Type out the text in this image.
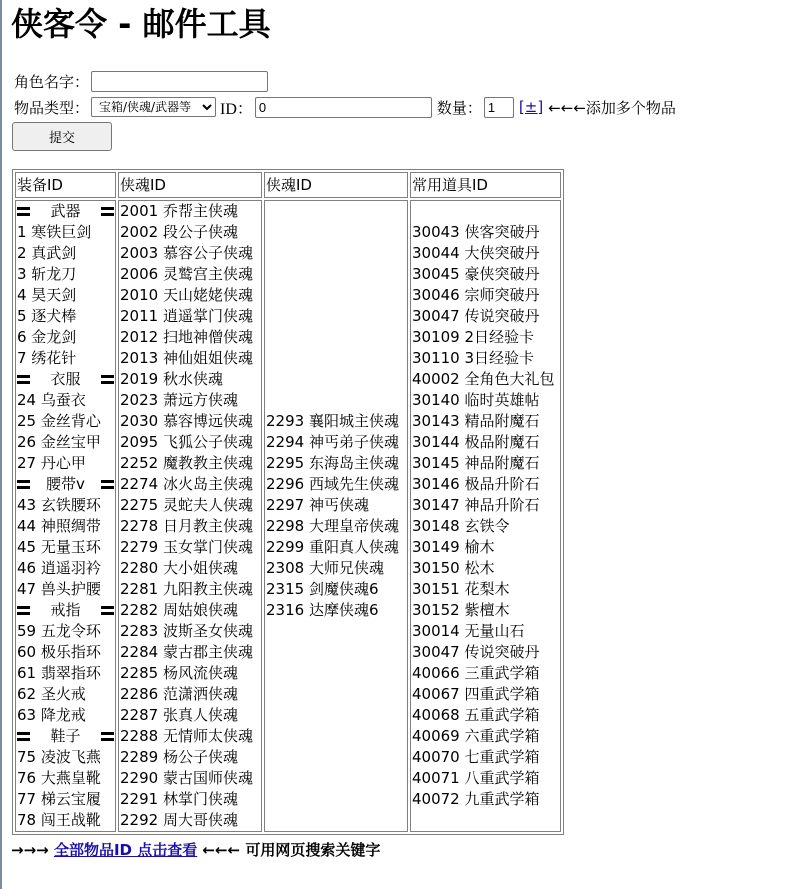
侠客令 - 邮件工具
角色名字：
物品类型：
宝箱/侠魂/武器等	ID：
0	数量：
1 [±] ←←←添加多个物品
提交
装备ID	侠魂ID	侠魂ID	常用道具ID

武器
1 寒铁巨剑
2 真武剑
3 斩龙刀
4 昊天剑
5 逐犬棒
6 金龙剑
7 绣花针
衣服
24 乌蚕衣
25 金丝背心
26 金丝宝甲
27 丹心甲
腰带v
43 玄铁腰环
44 神照绸带
45 无量玉环
46 逍遥羽衿
47 兽头护腰
戒指
59 五龙令环
60 极乐指环
61 翡翠指环
62 圣火戒
63 降龙戒
鞋子
75 凌波飞燕
76 大燕皇靴
77 梯云宝履
78 闯王战靴

2001 乔帮主侠魂
2002 段公子侠魂
2003 慕容公子侠魂
2006 灵鹫宫主侠魂
2010 天山姥姥侠魂
2011 逍遥掌门侠魂
2012 扫地神僧侠魂
2013 神仙姐姐侠魂
2019 秋水侠魂
2023 萧远方侠魂
2030 慕容博远侠魂
2095 飞狐公子侠魂
2252 魔教教主侠魂
2274 冰火岛主侠魂
2275 灵蛇夫人侠魂
2278 日月教主侠魂
2279 玉女掌门侠魂
2280 大小姐侠魂
2281 九阳教主侠魂
2282 周姑娘侠魂
2283 波斯圣女侠魂
2284 蒙古郡主侠魂
2285 杨风流侠魂
2286 范潇洒侠魂
2287 张真人侠魂
2288 无情师太侠魂
2289 杨公子侠魂
2290 蒙古国师侠魂
2291 林掌门侠魂
2292 周大哥侠魂

2293 襄阳城主侠魂
2294 神丐弟子侠魂
2295 东海岛主侠魂
2296 西域先生侠魂
2297 神丐侠魂
2298 大理皇帝侠魂
2299 重阳真人侠魂
2308 大师兄侠魂
2315 剑魔侠魂6
2316 达摩侠魂6

30043 侠客突破丹
30044 大侠突破丹
30045 豪侠突破丹
30046 宗师突破丹
30047 传说突破丹
30109 2日经验卡
30110 3日经验卡
40002 全角色大礼包
30140 临时英雄帖
30143 精品附魔石
30144 极品附魔石
30145 神品附魔石
30146 极品升阶石
30147 神品升阶石
30148 玄铁令
30149 榆木
30150 松木
30151 花梨木
30152 紫檀木
30014 无量山石
30047 传说突破丹
40066 三重武学箱
40067 四重武学箱
40068 五重武学箱
40069 六重武学箱
40070 七重武学箱
40071 八重武学箱
40072 九重武学箱
→→→ 全部物品ID 点击查看 ←←← 可用网页搜索关键字
